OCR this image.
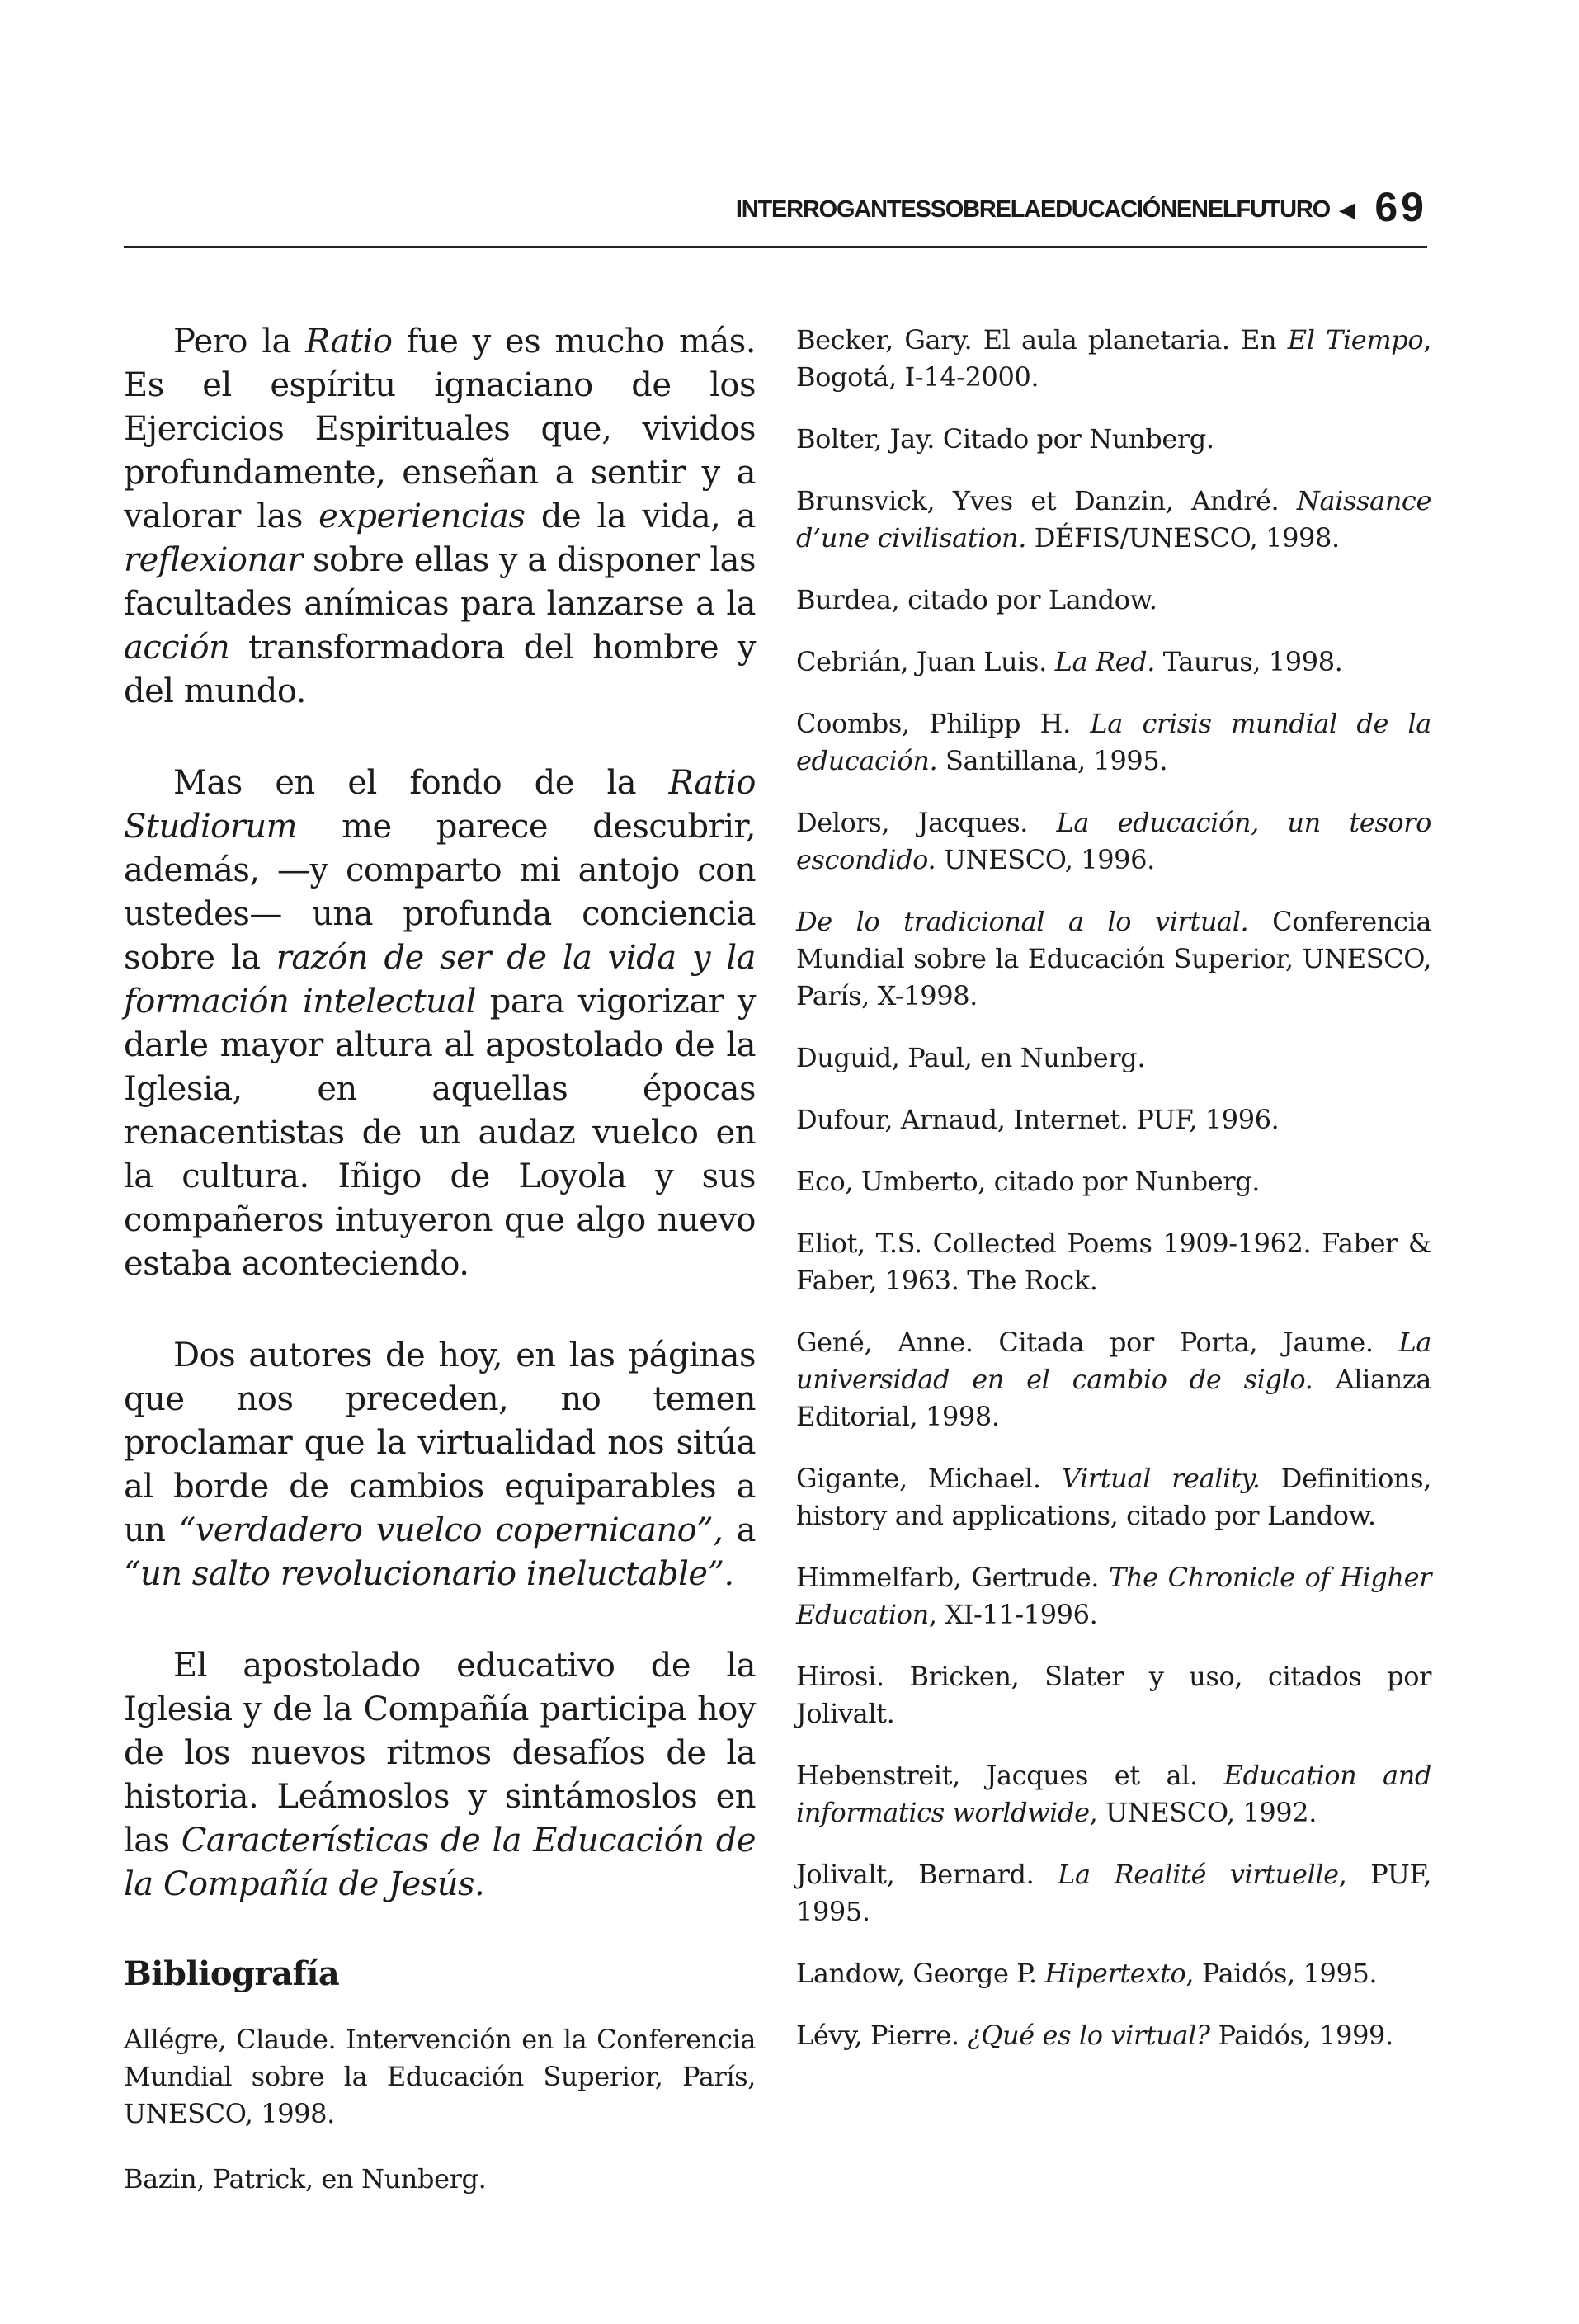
INTERROGANTESSOBRELAEDUCACIÓNENELFUTURO ◀ 69

Pero la Ratio fue y es mucho más. Es el espíritu ignaciano de los Ejercicios Espirituales que, vividos profundamente, enseñan a sentir y a valorar las experiencias de la vida, a reflexionar sobre ellas y a disponer las facultades anímicas para lanzarse a la acción transformadora del hombre y del mundo.

Mas en el fondo de la Ratio Studiorum me parece descubrir, además, —y comparto mi antojo con ustedes— una profunda conciencia sobre la razón de ser de la vida y la formación intelectual para vigorizar y darle mayor altura al apostolado de la Iglesia, en aquellas épocas renacentistas de un audaz vuelco en la cultura. Iñigo de Loyola y sus compañeros intuyeron que algo nuevo estaba aconteciendo.

Dos autores de hoy, en las páginas que nos preceden, no temen proclamar que la virtualidad nos sitúa al borde de cambios equiparables a un “verdadero vuelco copernicano”, a “un salto revolucionario ineluctable”.

El apostolado educativo de la Iglesia y de la Compañía participa hoy de los nuevos ritmos desafíos de la historia. Leámoslos y sintámoslos en las Características de la Educación de la Compañía de Jesús.

Bibliografía
Allégre, Claude. Intervención en la Conferencia Mundial sobre la Educación Superior, París, UNESCO, 1998.
Bazin, Patrick, en Nunberg.
Becker, Gary. El aula planetaria. En El Tiempo, Bogotá, I-14-2000.
Bolter, Jay. Citado por Nunberg.
Brunsvick, Yves et Danzin, André. Naissance d’une civilisation. DÉFIS/UNESCO, 1998.
Burdea, citado por Landow.
Cebrián, Juan Luis. La Red. Taurus, 1998.
Coombs, Philipp H. La crisis mundial de la educación. Santillana, 1995.
Delors, Jacques. La educación, un tesoro escondido. UNESCO, 1996.
De lo tradicional a lo virtual. Conferencia Mundial sobre la Educación Superior, UNESCO, París, X-1998.
Duguid, Paul, en Nunberg.
Dufour, Arnaud, Internet. PUF, 1996.
Eco, Umberto, citado por Nunberg.
Eliot, T.S. Collected Poems 1909-1962. Faber & Faber, 1963. The Rock.
Gené, Anne. Citada por Porta, Jaume. La universidad en el cambio de siglo. Alianza Editorial, 1998.
Gigante, Michael. Virtual reality. Definitions, history and applications, citado por Landow.
Himmelfarb, Gertrude. The Chronicle of Higher Education, XI-11-1996.
Hirosi. Bricken, Slater y uso, citados por Jolivalt.
Hebenstreit, Jacques et al. Education and informatics worldwide, UNESCO, 1992.
Jolivalt, Bernard. La Realité virtuelle, PUF, 1995.
Landow, George P. Hipertexto, Paidós, 1995.
Lévy, Pierre. ¿Qué es lo virtual? Paidós, 1999.
